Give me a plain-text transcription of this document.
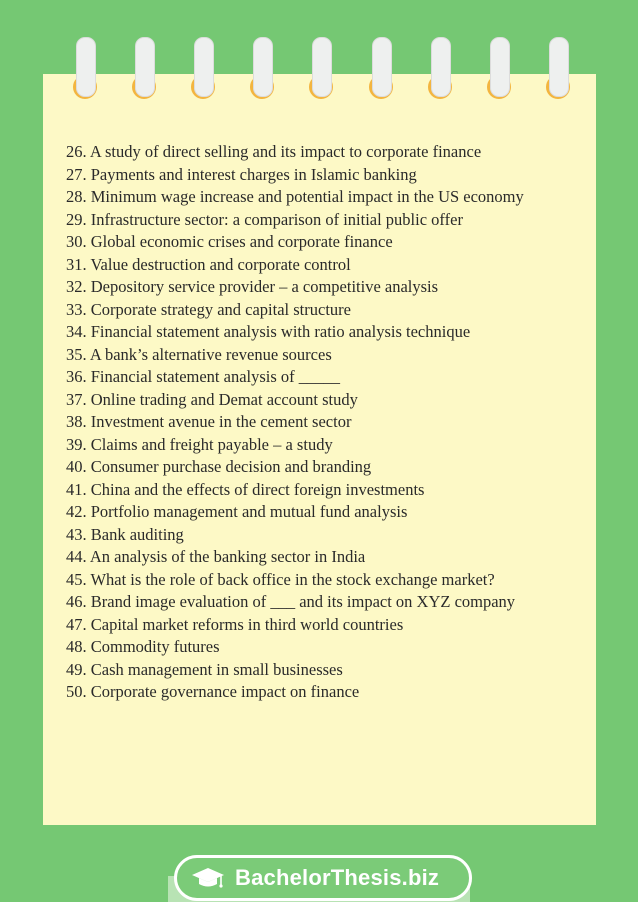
26. A study of direct selling and its impact to corporate finance
27. Payments and interest charges in Islamic banking
28. Minimum wage increase and potential impact in the US economy
29. Infrastructure sector: a comparison of initial public offer
30. Global economic crises and corporate finance
31. Value destruction and corporate control
32. Depository service provider – a competitive analysis
33. Corporate strategy and capital structure
34. Financial statement analysis with ratio analysis technique
35. A bank’s alternative revenue sources
36. Financial statement analysis of _____
37. Online trading and Demat account study
38. Investment avenue in the cement sector
39. Claims and freight payable – a study
40. Consumer purchase decision and branding
41. China and the effects of direct foreign investments
42. Portfolio management and mutual fund analysis
43. Bank auditing
44. An analysis of the banking sector in India
45. What is the role of back office in the stock exchange market?
46. Brand image evaluation of ___ and its impact on XYZ company
47. Capital market reforms in third world countries
48. Commodity futures
49. Cash management in small businesses
50. Corporate governance impact on finance
BachelorThesis.biz
